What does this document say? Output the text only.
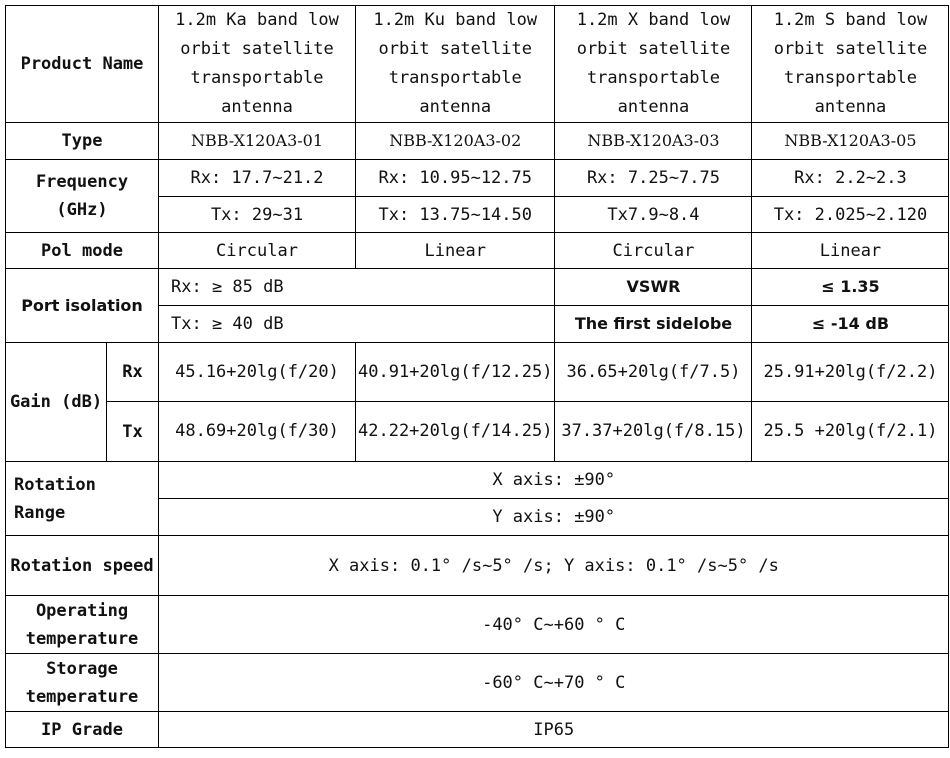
Product Name		1.2m Ka band low orbit satellite transportable antenna	1.2m Ku band low orbit satellite transportable antenna	1.2m X band low orbit satellite transportable antenna	1.2m S band low orbit satellite transportable antenna
Type		NBB-X120A3-01	NBB-X120A3-02	NBB-X120A3-03	NBB-X120A3-05
Frequency (GHz)		Rx: 17.7~21.2	Rx: 10.95~12.75	Rx: 7.25~7.75	Rx: 2.2~2.3
		Tx: 29~31	Tx: 13.75~14.50	Tx7.9~8.4	Tx: 2.025~2.120
Pol mode		Circular	Linear	Circular	Linear
Port isolation		Rx: ≥ 85 dB		VSWR	≤ 1.35
		Tx: ≥ 40 dB		The first sidelobe	≤ -14 dB
Gain (dB)	Rx	45.16+20lg(f/20)	40.91+20lg(f/12.25)	36.65+20lg(f/7.5)	25.91+20lg(f/2.2)
	Tx	48.69+20lg(f/30)	42.22+20lg(f/14.25)	37.37+20lg(f/8.15)	25.5 +20lg(f/2.1)
Rotation Range		X axis: ±90°			
		Y axis: ±90°			
Rotation speed		X axis: 0.1° /s~5° /s; Y axis: 0.1° /s~5° /s			
Operating temperature		-40° C~+60 ° C			
Storage temperature		-60° C~+70 ° C			
IP Grade		IP65			
